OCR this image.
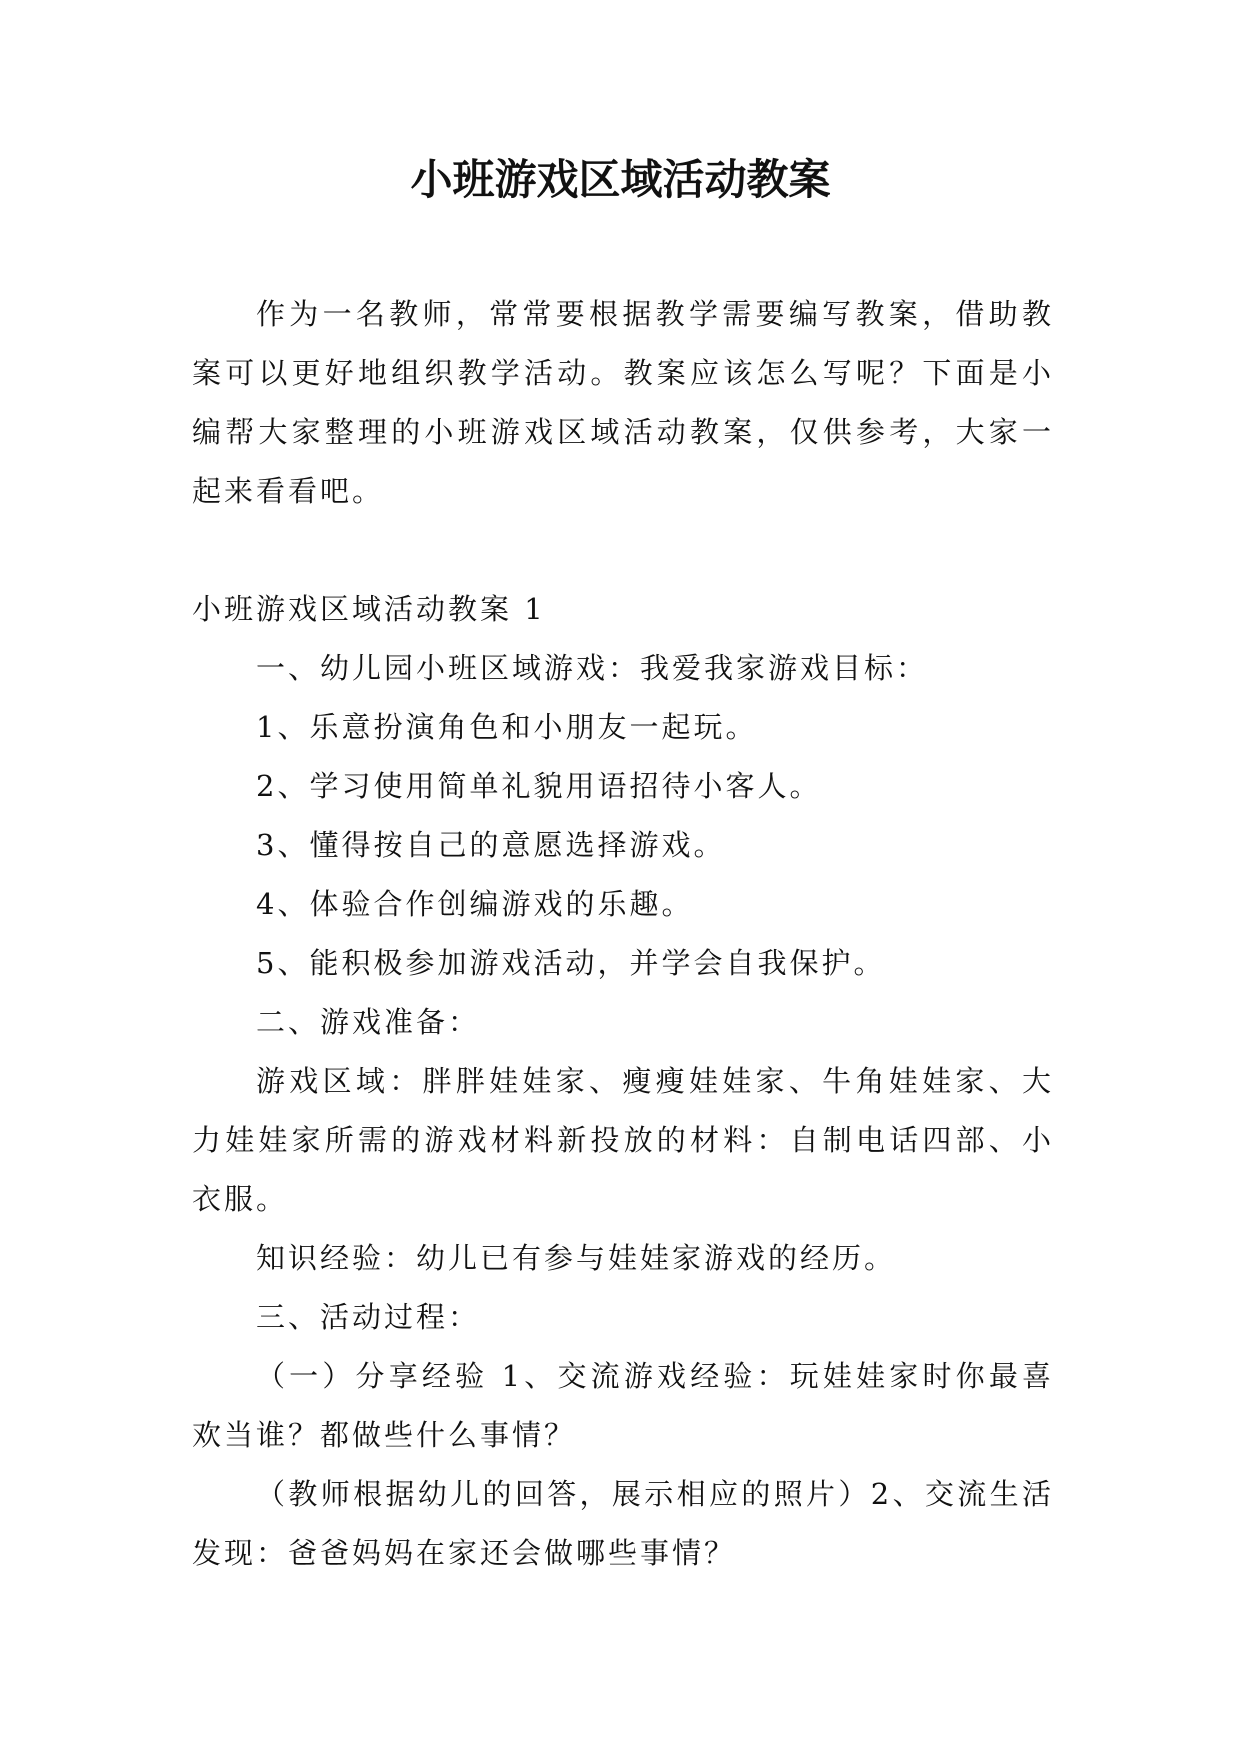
小班游戏区域活动教案

作为一名教师，常常要根据教学需要编写教案，借助教案可以更好地组织教学活动。教案应该怎么写呢？下面是小编帮大家整理的小班游戏区域活动教案，仅供参考，大家一起来看看吧。

小班游戏区域活动教案 1

一、幼儿园小班区域游戏：我爱我家游戏目标：

1、乐意扮演角色和小朋友一起玩。

2、学习使用简单礼貌用语招待小客人。

3、懂得按自己的意愿选择游戏。

4、体验合作创编游戏的乐趣。

5、能积极参加游戏活动，并学会自我保护。

二、游戏准备：

游戏区域：胖胖娃娃家、瘦瘦娃娃家、牛角娃娃家、大力娃娃家所需的游戏材料新投放的材料：自制电话四部、小衣服。

知识经验：幼儿已有参与娃娃家游戏的经历。

三、活动过程：

（一）分享经验 1、交流游戏经验：玩娃娃家时你最喜欢当谁？都做些什么事情？

（教师根据幼儿的回答，展示相应的照片）2、交流生活发现：爸爸妈妈在家还会做哪些事情？
